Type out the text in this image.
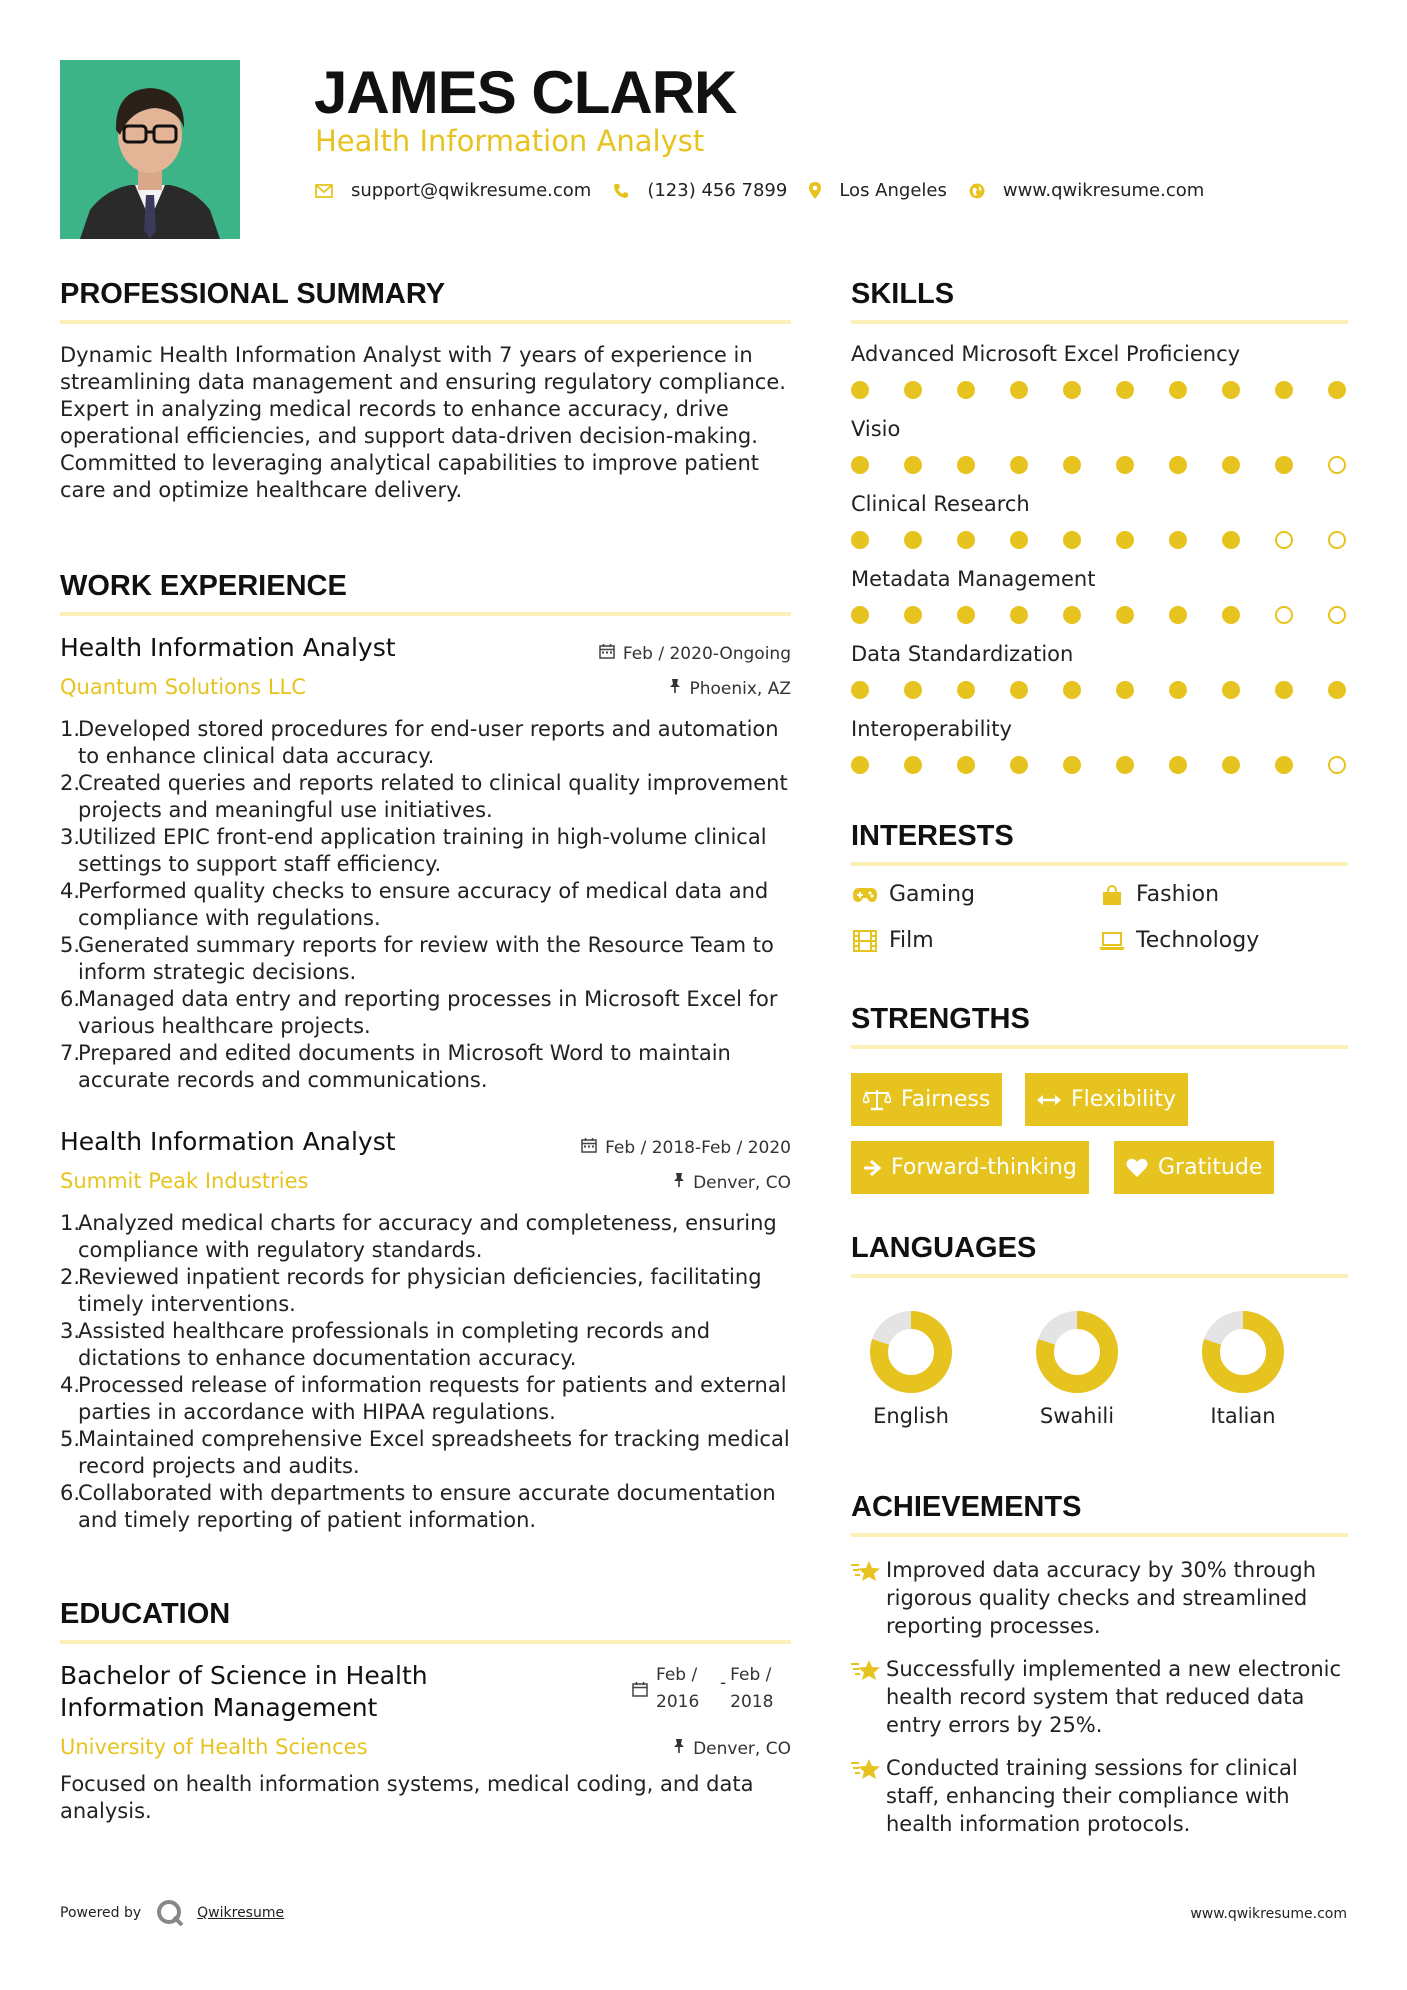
JAMES CLARK
Health Information Analyst
support@qwikresume.com	(123) 456 7899	Los Angeles	www.qwikresume.com
PROFESSIONAL SUMMARY
Dynamic Health Information Analyst with 7 years of experience in streamlining data management and ensuring regulatory compliance. Expert in analyzing medical records to enhance accuracy, drive operational efficiencies, and support data-driven decision-making. Committed to leveraging analytical capabilities to improve patient care and optimize healthcare delivery.
WORK EXPERIENCE
Health Information Analyst	Feb / 2020-Ongoing
Quantum Solutions LLC	Phoenix, AZ
1.
Developed stored procedures for end-user reports and automation to enhance clinical data accuracy.
2.
Created queries and reports related to clinical quality improvement projects and meaningful use initiatives.
3.
Utilized EPIC front-end application training in high-volume clinical settings to support staff efficiency.
4.
Performed quality checks to ensure accuracy of medical data and compliance with regulations.
5.
Generated summary reports for review with the Resource Team to inform strategic decisions.
6.
Managed data entry and reporting processes in Microsoft Excel for various healthcare projects.
7.
Prepared and edited documents in Microsoft Word to maintain accurate records and communications.
Health Information Analyst	Feb / 2018-Feb / 2020
Summit Peak Industries	Denver, CO
1.
Analyzed medical charts for accuracy and completeness, ensuring compliance with regulatory standards.
2.
Reviewed inpatient records for physician deficiencies, facilitating timely interventions.
3.
Assisted healthcare professionals in completing records and dictations to enhance documentation accuracy.
4.
Processed release of information requests for patients and external parties in accordance with HIPAA regulations.
5.
Maintained comprehensive Excel spreadsheets for tracking medical record projects and audits.
6.
Collaborated with departments to ensure accurate documentation and timely reporting of patient information.
EDUCATION
Bachelor of Science in Health Information Management
Feb / 2016
- Feb / 2018
University of Health Sciences	Denver, CO
Focused on health information systems, medical coding, and data analysis.
SKILLS
Advanced Microsoft Excel Proficiency
Visio
Clinical Research
Metadata Management
Data Standardization
Interoperability
INTERESTS
Gaming	Fashion
Film	Technology
STRENGTHS
Fairness	Flexibility
Forward-thinking	Gratitude
LANGUAGES
English	Swahili	Italian
ACHIEVEMENTS
Improved data accuracy by 30% through rigorous quality checks and streamlined reporting processes.
Successfully implemented a new electronic health record system that reduced data entry errors by 25%.
Conducted training sessions for clinical staff, enhancing their compliance with health information protocols.
Powered by	Qwikresume	www.qwikresume.com
